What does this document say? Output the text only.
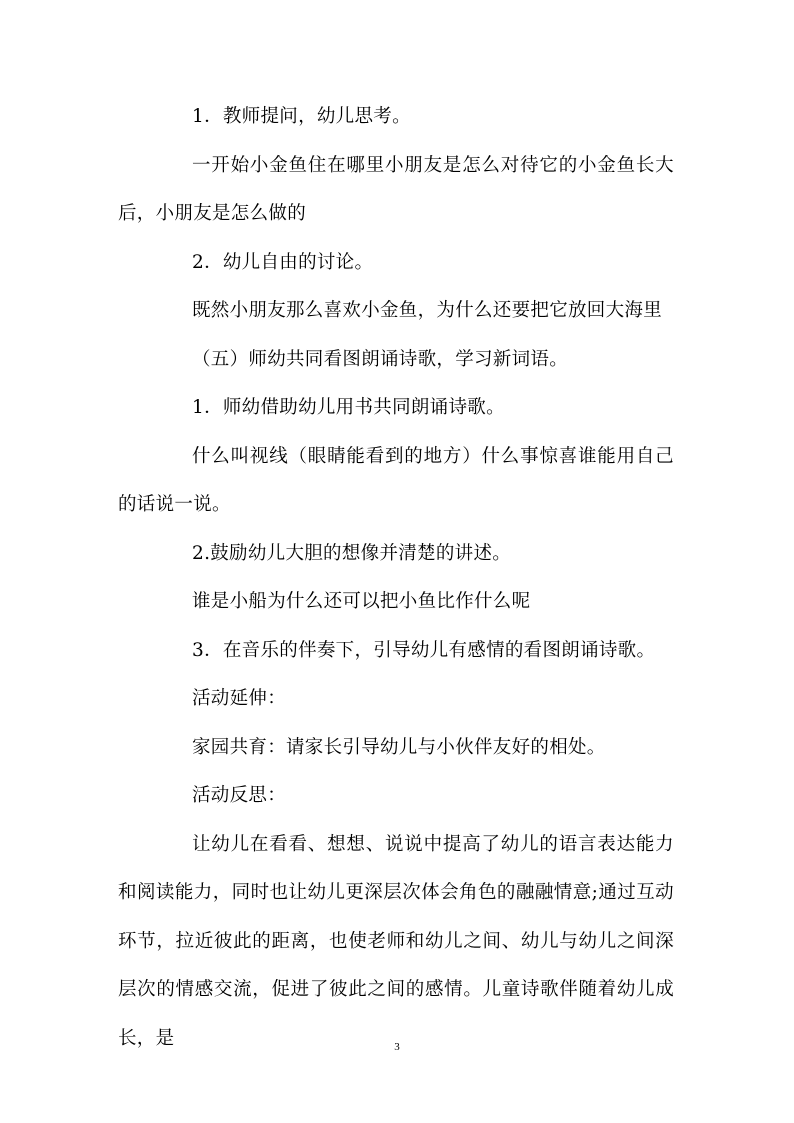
1．教师提问，幼儿思考。

一开始小金鱼住在哪里小朋友是怎么对待它的小金鱼长大后，小朋友是怎么做的

2．幼儿自由的讨论。

既然小朋友那么喜欢小金鱼，为什么还要把它放回大海里

（五）师幼共同看图朗诵诗歌，学习新词语。

1．师幼借助幼儿用书共同朗诵诗歌。

什么叫视线（眼睛能看到的地方）什么事惊喜谁能用自己的话说一说。

2.鼓励幼儿大胆的想像并清楚的讲述。

谁是小船为什么还可以把小鱼比作什么呢

3．在音乐的伴奏下，引导幼儿有感情的看图朗诵诗歌。

活动延伸：

家园共育：请家长引导幼儿与小伙伴友好的相处。

活动反思：

让幼儿在看看、想想、说说中提高了幼儿的语言表达能力和阅读能力，同时也让幼儿更深层次体会角色的融融情意;通过互动环节，拉近彼此的距离，也使老师和幼儿之间、幼儿与幼儿之间深层次的情感交流，促进了彼此之间的感情。儿童诗歌伴随着幼儿成长，是	3
